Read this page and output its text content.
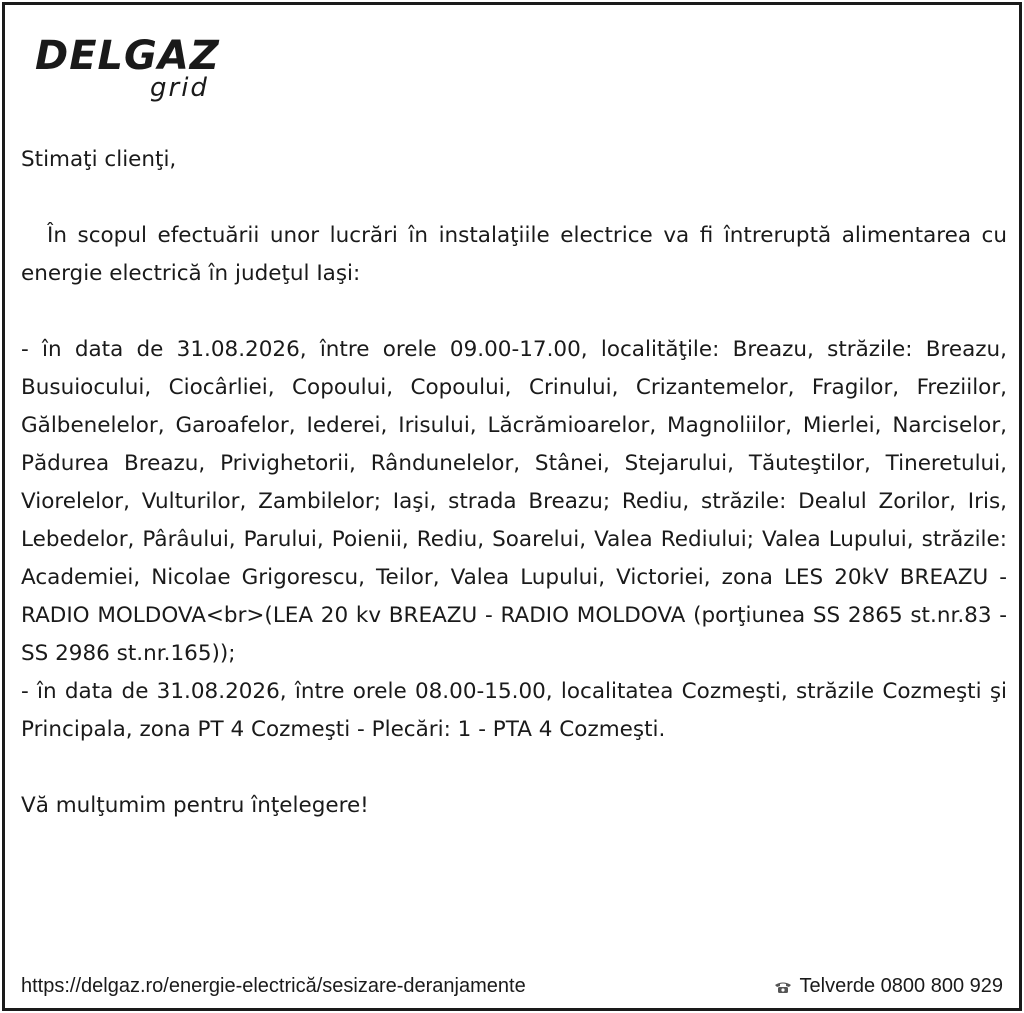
DELGAZ
grid

Stimaţi clienţi,

În scopul efectuării unor lucrări în instalaţiile electrice va fi întreruptă alimentarea cu energie electrică în judeţul Iaşi:

- în data de 31.08.2026, între orele 09.00-17.00, localităţile: Breazu, străzile: Breazu, Busuiocului, Ciocârliei, Copoului, Copoului, Crinului, Crizantemelor, Fragilor, Freziilor, Gălbenelelor, Garoafelor, Iederei, Irisului, Lăcrămioarelor, Magnoliilor, Mierlei, Narciselor, Pădurea Breazu, Privighetorii, Rândunelelor, Stânei, Stejarului, Tăuteştilor, Tineretului, Viorelelor, Vulturilor, Zambilelor; Iaşi, strada Breazu; Rediu, străzile: Dealul Zorilor, Iris, Lebedelor, Pârâului, Parului, Poienii, Rediu, Soarelui, Valea Rediului; Valea Lupului, străzile: Academiei, Nicolae Grigorescu, Teilor, Valea Lupului, Victoriei, zona LES 20kV BREAZU - RADIO MOLDOVA<br>(LEA 20 kv BREAZU - RADIO MOLDOVA (porţiunea SS 2865 st.nr.83 - SS 2986 st.nr.165));

- în data de 31.08.2026, între orele 08.00-15.00, localitatea Cozmeşti, străzile Cozmeşti şi Principala, zona PT 4 Cozmeşti - Plecări: 1 - PTA 4 Cozmeşti.

Vă mulţumim pentru înţelegere!

https://delgaz.ro/energie-electrică/sesizare-deranjamente	Telverde 0800 800 929
